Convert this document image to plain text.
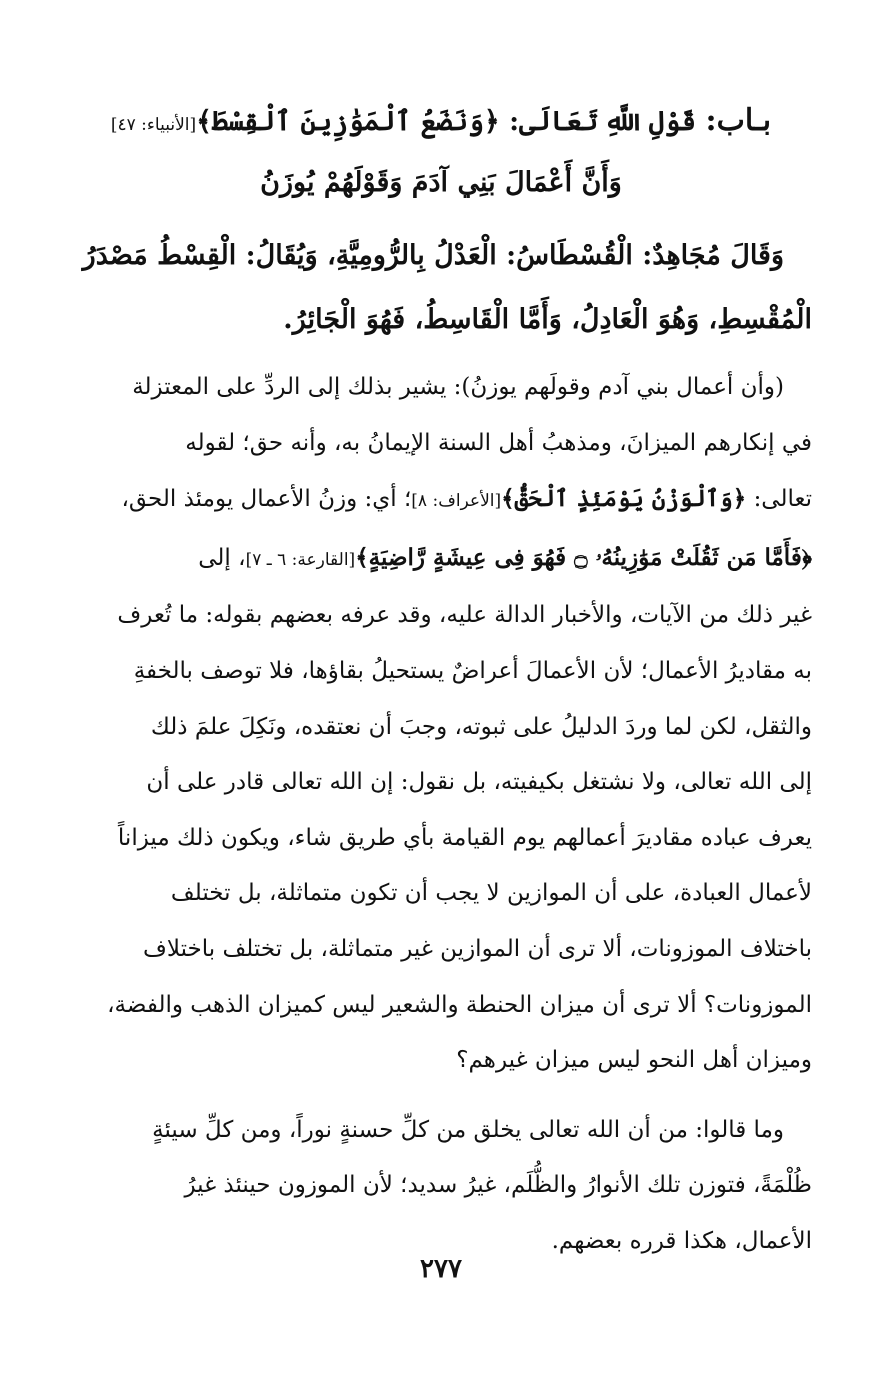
بـاب: قَوْلِ اللَّهِ تَعَالَى: ﴿وَنَضَعُ ٱلْمَوَٰزِينَ ٱلْقِسْطَ﴾[الأنبياء: ٤٧]
وَأَنَّ أَعْمَالَ بَنِي آدَمَ وَقَوْلَهُمْ يُوزَنُ
وَقَالَ مُجَاهِدٌ: الْقُسْطَاسُ: الْعَدْلُ بِالرُّومِيَّةِ، وَيُقَالُ: الْقِسْطُ مَصْدَرُ
الْمُقْسِطِ، وَهُوَ الْعَادِلُ، وَأَمَّا الْقَاسِطُ، فَهُوَ الْجَائِرُ.
(وأن أعمال بني آدم وقولَهم يوزنُ): يشير بذلك إلى الردِّ على المعتزلة
في إنكارهم الميزانَ، ومذهبُ أهل السنة الإيمانُ به، وأنه حق؛ لقوله
تعالى: ﴿وَٱلْوَزْنُ يَوْمَئِذٍ ٱلْحَقُّ﴾[الأعراف: ٨]؛ أي: وزنُ الأعمال يومئذ الحق،
﴿فَأَمَّا مَن ثَقُلَتْ مَوَٰزِينُهُۥ ۝ فَهُوَ فِى عِيشَةٍ رَّاضِيَةٍ﴾[القارعة: ٦ ـ ٧]، إلى
غير ذلك من الآيات، والأخبار الدالة عليه، وقد عرفه بعضهم بقوله: ما تُعرف
به مقاديرُ الأعمال؛ لأن الأعمالَ أعراضٌ يستحيلُ بقاؤها، فلا توصف بالخفةِ
والثقل، لكن لما وردَ الدليلُ على ثبوته، وجبَ أن نعتقده، ونَكِلَ علمَ ذلك
إلى الله تعالى، ولا نشتغل بكيفيته، بل نقول: إن الله تعالى قادر على أن
يعرف عباده مقاديرَ أعمالهم يوم القيامة بأي طريق شاء، ويكون ذلك ميزاناً
لأعمال العبادة، على أن الموازين لا يجب أن تكون متماثلة، بل تختلف
باختلاف الموزونات، ألا ترى أن الموازين غير متماثلة، بل تختلف باختلاف
الموزونات؟ ألا ترى أن ميزان الحنطة والشعير ليس كميزان الذهب والفضة،
وميزان أهل النحو ليس ميزان غيرهم؟
وما قالوا: من أن الله تعالى يخلق من كلِّ حسنةٍ نوراً، ومن كلِّ سيئةٍ
ظُلْمَةً، فتوزن تلك الأنوارُ والظُّلَم، غيرُ سديد؛ لأن الموزون حينئذ غيرُ
الأعمال، هكذا قرره بعضهم.
٢٧٧
